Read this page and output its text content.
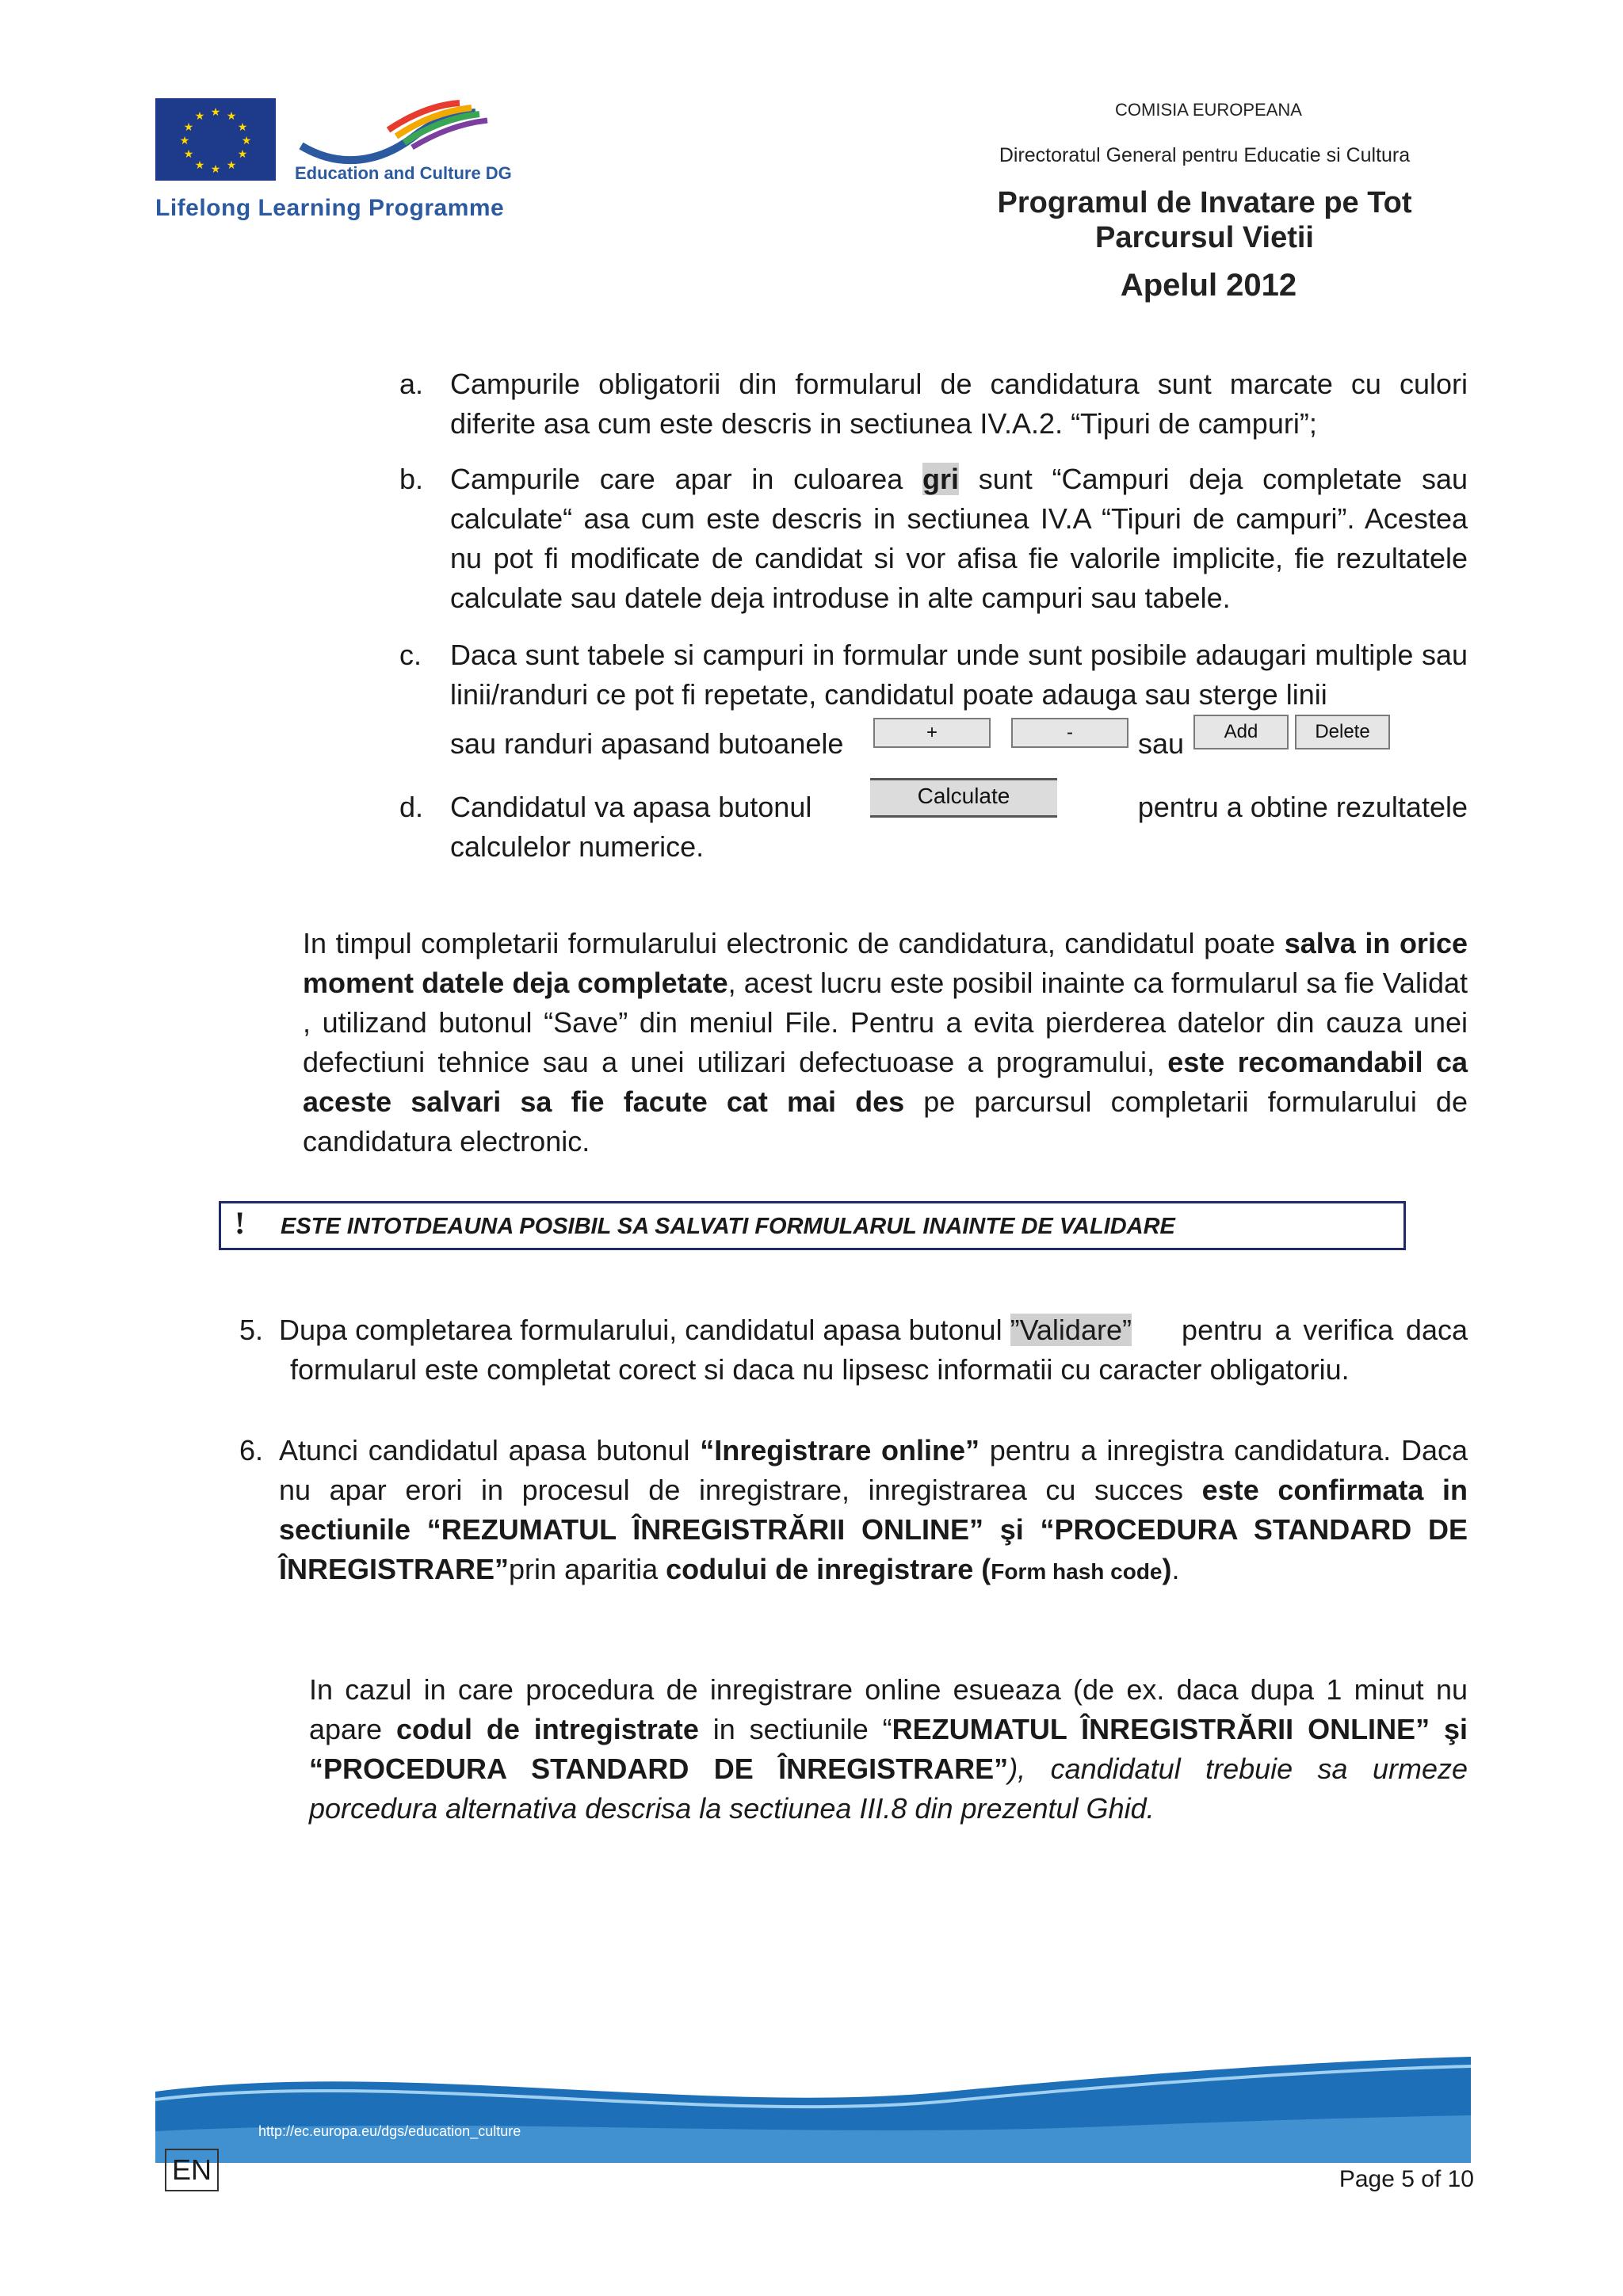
★ ★
★
★
★
★
★
★
★
★
★
★
Education and Culture DG
Lifelong Learning Programme
COMISIA EUROPEANA
Directoratul General pentru Educatie si Cultura
Programul de Invatare pe Tot
Parcursul Vietii
Apelul 2012
a. Campurile obligatorii din formularul de candidatura sunt marcate cu culori diferite asa cum este descris in sectiunea IV.A.2. “Tipuri de campuri”;
b. Campurile care apar in culoarea gri sunt “Campuri deja completate sau calculate“ asa cum este descris in sectiunea IV.A “Tipuri de campuri”. Acestea nu pot fi modificate de candidat si vor afisa fie valorile implicite, fie rezultatele calculate sau datele deja introduse in alte campuri sau tabele.
c. Daca sunt tabele si campuri in formular unde sunt posibile adaugari multiple sau linii/randuri ce pot fi repetate, candidatul poate adauga sau sterge linii
sau randuri apasand butoanele	+	-	sau	Add	Delete
d. Candidatul va apasa butonul	Calculate	pentru a obtine rezultatele
calculelor numerice.
In timpul completarii formularului electronic de candidatura, candidatul poate salva in orice moment datele deja completate, acest lucru este posibil inainte ca formularul sa fie Validat , utilizand butonul “Save” din meniul File. Pentru a evita pierderea datelor din cauza unei defectiuni tehnice sau a unei utilizari defectuoase a programului, este recomandabil ca aceste salvari sa fie facute cat mai des pe parcursul completarii formularului de candidatura electronic.
! ESTE INTOTDEAUNA POSIBIL SA SALVATI FORMULARUL INAINTE DE VALIDARE
5. Dupa completarea formularului, candidatul apasa butonul ”Validare”	pentru a verifica daca formularul este completat corect si daca nu lipsesc informatii cu caracter obligatoriu.
6. Atunci candidatul apasa butonul “Inregistrare online” pentru a inregistra candidatura. Daca nu apar erori in procesul de inregistrare, inregistrarea cu succes este confirmata in sectiunile “REZUMATUL ÎNREGISTRĂRII ONLINE” şi “PROCEDURA STANDARD DE ÎNREGISTRARE”prin aparitia codului de inregistrare (Form hash code).
In cazul in care procedura de inregistrare online esueaza (de ex. daca dupa 1 minut nu apare codul de intregistrate in sectiunile “REZUMATUL ÎNREGISTRĂRII ONLINE” şi “PROCEDURA STANDARD DE ÎNREGISTRARE”), candidatul trebuie sa urmeze porcedura alternativa descrisa la sectiunea III.8 din prezentul Ghid.
http://ec.europa.eu/dgs/education_culture
EN	Page 5 of 10
